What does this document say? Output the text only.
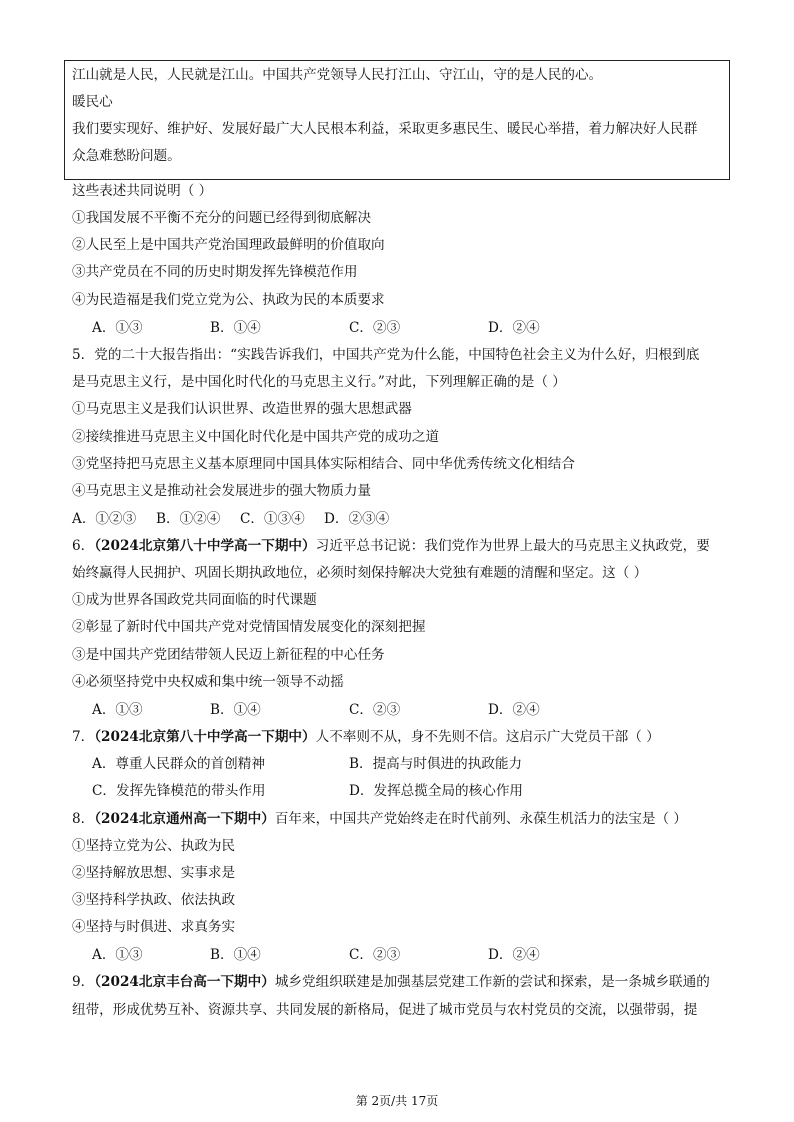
江山就是人民，人民就是江山。中国共产党领导人民打江山、守江山，守的是人民的心。
暖民心
我们要实现好、维护好、发展好最广大人民根本利益，采取更多惠民生、暖民心举措，着力解决好人民群
众急难愁盼问题。
这些表述共同说明（ ）
①我国发展不平衡不充分的问题已经得到彻底解决
②人民至上是中国共产党治国理政最鲜明的价值取向
③共产党员在不同的历史时期发挥先锋模范作用
④为民造福是我们党立党为公、执政为民的本质要求
A．①③	B．①④	C．②③	D．②④
5．党的二十大报告指出：“实践告诉我们，中国共产党为什么能，中国特色社会主义为什么好，归根到底
是马克思主义行，是中国化时代化的马克思主义行。”对此，下列理解正确的是（ ）
①马克思主义是我们认识世界、改造世界的强大思想武器
②接续推进马克思主义中国化时代化是中国共产党的成功之道
③党坚持把马克思主义基本原理同中国具体实际相结合、同中华优秀传统文化相结合
④马克思主义是推动社会发展进步的强大物质力量
A．①②③ B．①②④ C．①③④ D．②③④
6．（2024北京第八十中学高一下期中）习近平总书记说：我们党作为世界上最大的马克思主义执政党，要
始终赢得人民拥护、巩固长期执政地位，必须时刻保持解决大党独有难题的清醒和坚定。这（ ）
①成为世界各国政党共同面临的时代课题
②彰显了新时代中国共产党对党情国情发展变化的深刻把握
③是中国共产党团结带领人民迈上新征程的中心任务
④必须坚持党中央权威和集中统一领导不动摇
A．①③	B．①④	C．②③	D．②④
7．（2024北京第八十中学高一下期中）人不率则不从，身不先则不信。这启示广大党员干部（ ）
A．尊重人民群众的首创精神	B．提高与时俱进的执政能力
C．发挥先锋模范的带头作用	D．发挥总揽全局的核心作用
8．（2024北京通州高一下期中）百年来，中国共产党始终走在时代前列、永葆生机活力的法宝是（ ）
①坚持立党为公、执政为民
②坚持解放思想、实事求是
③坚持科学执政、依法执政
④坚持与时俱进、求真务实
A．①③	B．①④	C．②③	D．②④
9．（2024北京丰台高一下期中）城乡党组织联建是加强基层党建工作新的尝试和探索，是一条城乡联通的
纽带，形成优势互补、资源共享、共同发展的新格局，促进了城市党员与农村党员的交流，以强带弱，提
第 2页/共 17页
